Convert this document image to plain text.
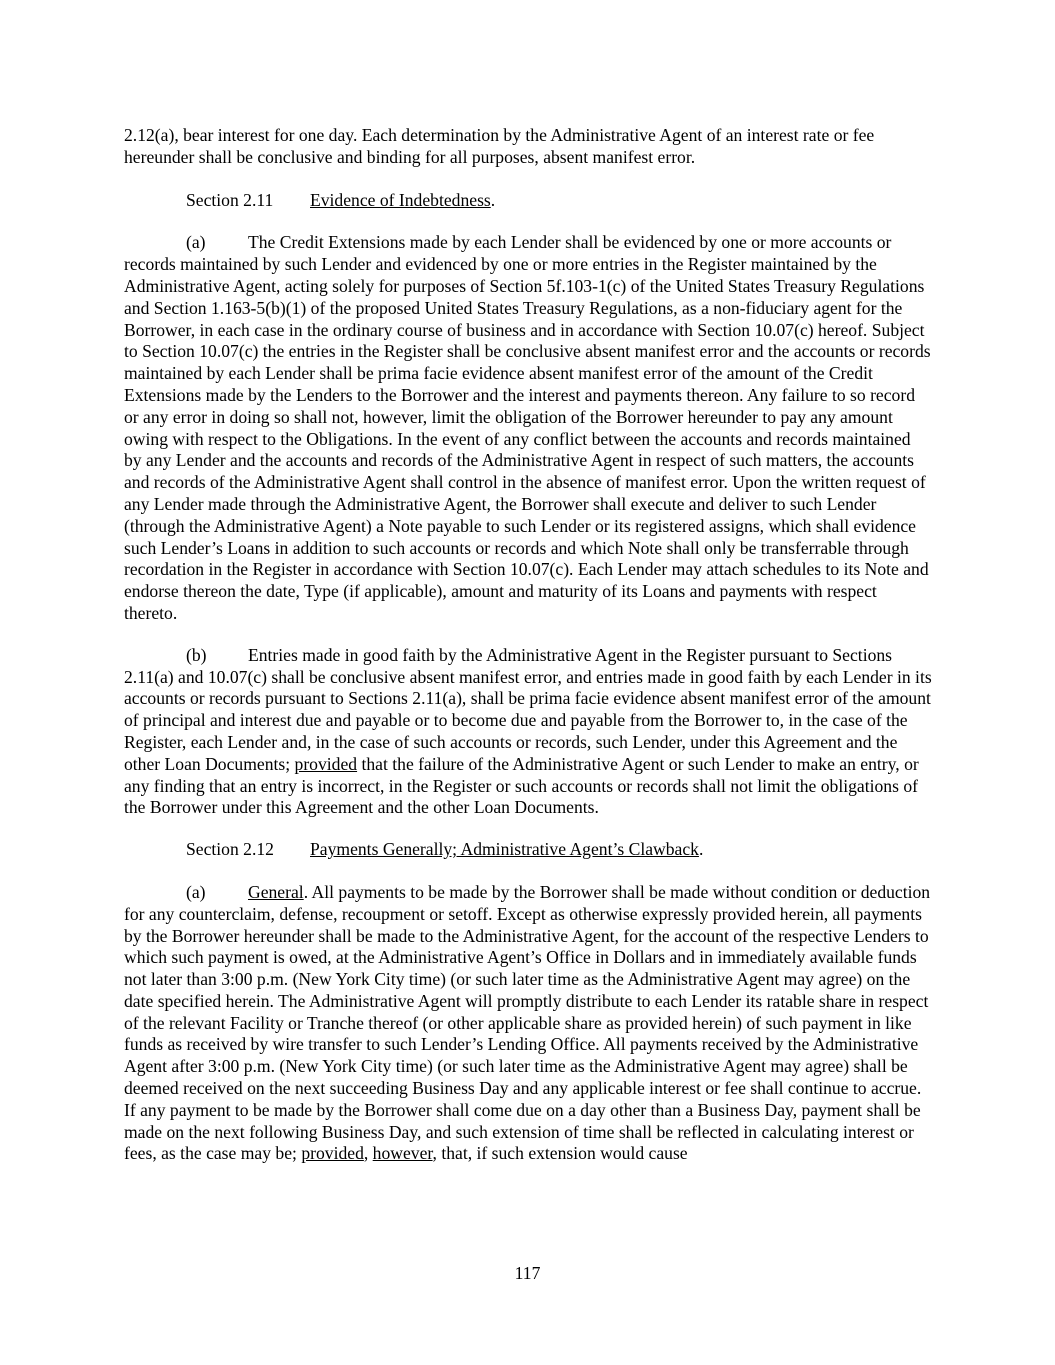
2.12(a), bear interest for one day. Each determination by the Administrative Agent of an interest rate or fee hereunder shall be conclusive and binding for all purposes, absent manifest error.

Section 2.11 Evidence of Indebtedness.

(a) The Credit Extensions made by each Lender shall be evidenced by one or more accounts or records maintained by such Lender and evidenced by one or more entries in the Register maintained by the Administrative Agent, acting solely for purposes of Section 5f.103-1(c) of the United States Treasury Regulations and Section 1.163-5(b)(1) of the proposed United States Treasury Regulations, as a non-fiduciary agent for the Borrower, in each case in the ordinary course of business and in accordance with Section 10.07(c) hereof. Subject to Section 10.07(c) the entries in the Register shall be conclusive absent manifest error and the accounts or records maintained by each Lender shall be prima facie evidence absent manifest error of the amount of the Credit Extensions made by the Lenders to the Borrower and the interest and payments thereon. Any failure to so record or any error in doing so shall not, however, limit the obligation of the Borrower hereunder to pay any amount owing with respect to the Obligations. In the event of any conflict between the accounts and records maintained by any Lender and the accounts and records of the Administrative Agent in respect of such matters, the accounts and records of the Administrative Agent shall control in the absence of manifest error. Upon the written request of any Lender made through the Administrative Agent, the Borrower shall execute and deliver to such Lender (through the Administrative Agent) a Note payable to such Lender or its registered assigns, which shall evidence such Lender’s Loans in addition to such accounts or records and which Note shall only be transferrable through recordation in the Register in accordance with Section 10.07(c). Each Lender may attach schedules to its Note and endorse thereon the date, Type (if applicable), amount and maturity of its Loans and payments with respect thereto.

(b) Entries made in good faith by the Administrative Agent in the Register pursuant to Sections 2.11(a) and 10.07(c) shall be conclusive absent manifest error, and entries made in good faith by each Lender in its accounts or records pursuant to Sections 2.11(a), shall be prima facie evidence absent manifest error of the amount of principal and interest due and payable or to become due and payable from the Borrower to, in the case of the Register, each Lender and, in the case of such accounts or records, such Lender, under this Agreement and the other Loan Documents; provided that the failure of the Administrative Agent or such Lender to make an entry, or any finding that an entry is incorrect, in the Register or such accounts or records shall not limit the obligations of the Borrower under this Agreement and the other Loan Documents.

Section 2.12 Payments Generally; Administrative Agent’s Clawback.

(a) General. All payments to be made by the Borrower shall be made without condition or deduction for any counterclaim, defense, recoupment or setoff. Except as otherwise expressly provided herein, all payments by the Borrower hereunder shall be made to the Administrative Agent, for the account of the respective Lenders to which such payment is owed, at the Administrative Agent’s Office in Dollars and in immediately available funds not later than 3:00 p.m. (New York City time) (or such later time as the Administrative Agent may agree) on the date specified herein. The Administrative Agent will promptly distribute to each Lender its ratable share in respect of the relevant Facility or Tranche thereof (or other applicable share as provided herein) of such payment in like funds as received by wire transfer to such Lender’s Lending Office. All payments received by the Administrative Agent after 3:00 p.m. (New York City time) (or such later time as the Administrative Agent may agree) shall be deemed received on the next succeeding Business Day and any applicable interest or fee shall continue to accrue. If any payment to be made by the Borrower shall come due on a day other than a Business Day, payment shall be made on the next following Business Day, and such extension of time shall be reflected in calculating interest or fees, as the case may be; provided, however, that, if such extension would cause

117
